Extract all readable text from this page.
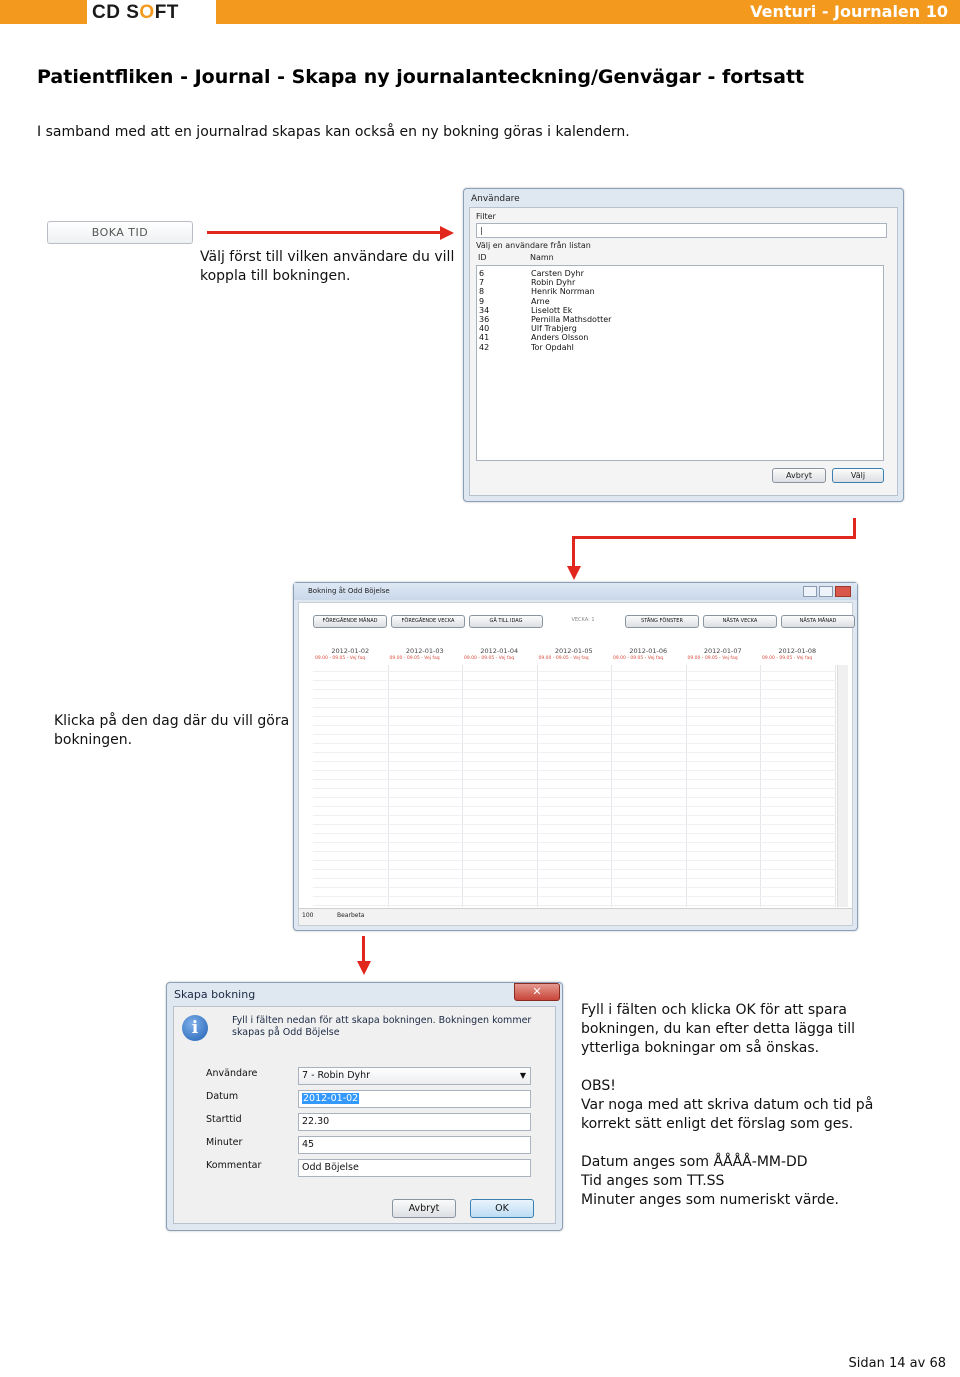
CD SOFT	Venturi - Journalen 10
Patientfliken - Journal - Skapa ny journalanteckning/Genvägar - fortsatt
I samband med att en journalrad skapas kan också en ny bokning göras i kalendern.
BOKA TID
Välj först till vilken användare du vill
koppla till bokningen.
Användare
Filter
|
Välj en användare från listan
ID	Namn
6	Carsten Dyhr
7	Robin Dyhr
8	Henrik Norrman
9	Arne
34	Liselott Ek
36	Pernilla Mathsdotter
40	Ulf Trabjerg
41	Anders Olsson
42	Tor Opdahl
Avbryt	Välj
Klicka på den dag där du vill göra
bokningen.
Bokning åt Odd Böjelse
FÖREGÅENDE MÅNAD	FÖREGÅENDE VECKA	GÅ TILL IDAG	VECKA: 1	STÄNG FÖNSTER	NÄSTA VECKA	NÄSTA MÅNAD
2012-01-02
09.00 - 09.05 - Vej faq
2012-01-03
09.00 - 09.05 - Vej faq
2012-01-04
09.00 - 09.05 - Vej faq
2012-01-05
09.00 - 09.05 - Vej faq
2012-01-06
09.00 - 09.05 - Vej faq
2012-01-07
09.00 - 09.05 - Vej faq
2012-01-08
09.00 - 09.05 - Vej faq
100	Bearbeta
Skapa bokning	✕
i	Fyll i fälten nedan för att skapa bokningen. Bokningen kommer
skapas på Odd Böjelse
Användare	7 - Robin Dyhr	▼
Datum	2012-01-02
Starttid	22.30
Minuter	45
Kommentar	Odd Böjelse
Avbryt	OK
Fyll i fälten och klicka OK för att spara
bokningen, du kan efter detta lägga till
ytterliga bokningar om så önskas.
OBS!
Var noga med att skriva datum och tid på
korrekt sätt enligt det förslag som ges.
Datum anges som ÅÅÅÅ-MM-DD
Tid anges som TT.SS
Minuter anges som numeriskt värde.
Sidan 14 av 68
